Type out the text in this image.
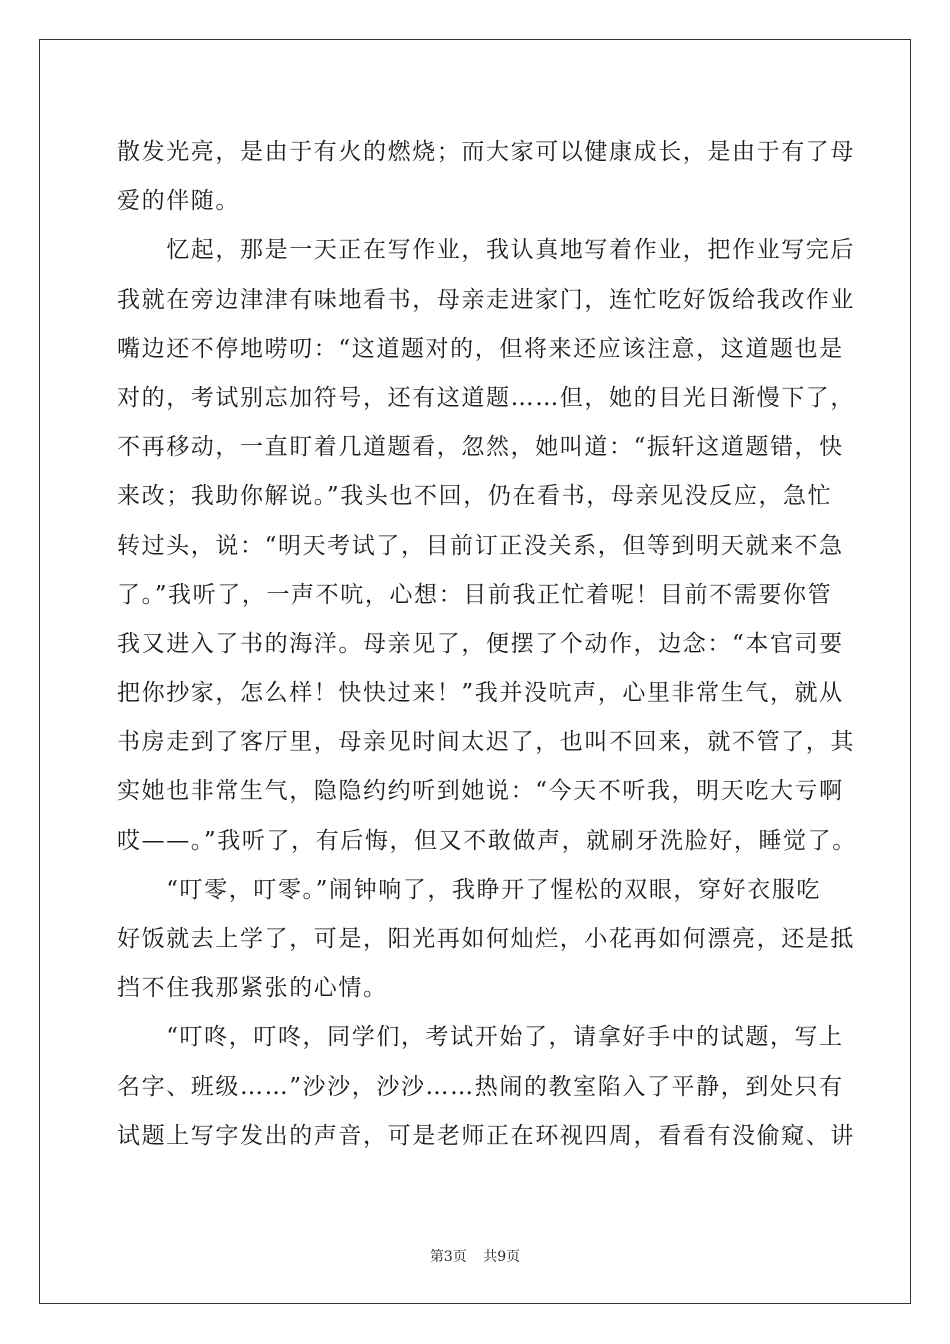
散发光亮，是由于有火的燃烧；而大家可以健康成长，是由于有了母
爱的伴随。
　　忆起，那是一天正在写作业，我认真地写着作业，把作业写完后
我就在旁边津津有味地看书，母亲走进家门，连忙吃好饭给我改作业
嘴边还不停地唠叨：“这道题对的，但将来还应该注意，这道题也是
对的，考试别忘加符号，还有这道题……但，她的目光日渐慢下了，
不再移动，一直盯着几道题看，忽然，她叫道：“振轩这道题错，快
来改；我助你解说。”我头也不回，仍在看书，母亲见没反应，急忙
转过头，说：“明天考试了，目前订正没关系，但等到明天就来不急
了。”我听了，一声不吭，心想：目前我正忙着呢！目前不需要你管
我又进入了书的海洋。母亲见了，便摆了个动作，边念：“本官司要
把你抄家，怎么样！快快过来！”我并没吭声，心里非常生气，就从
书房走到了客厅里，母亲见时间太迟了，也叫不回来，就不管了，其
实她也非常生气，隐隐约约听到她说：“今天不听我，明天吃大亏啊
哎——。”我听了，有后悔，但又不敢做声，就刷牙洗脸好，睡觉了。
　　“叮零，叮零。”闹钟响了，我睁开了惺松的双眼，穿好衣服吃
好饭就去上学了，可是，阳光再如何灿烂，小花再如何漂亮，还是抵
挡不住我那紧张的心情。
　　“叮咚，叮咚，同学们，考试开始了，请拿好手中的试题，写上
名字、班级……”沙沙，沙沙……热闹的教室陷入了平静，到处只有
试题上写字发出的声音，可是老师正在环视四周，看看有没偷窥、讲
第3页 共9页
